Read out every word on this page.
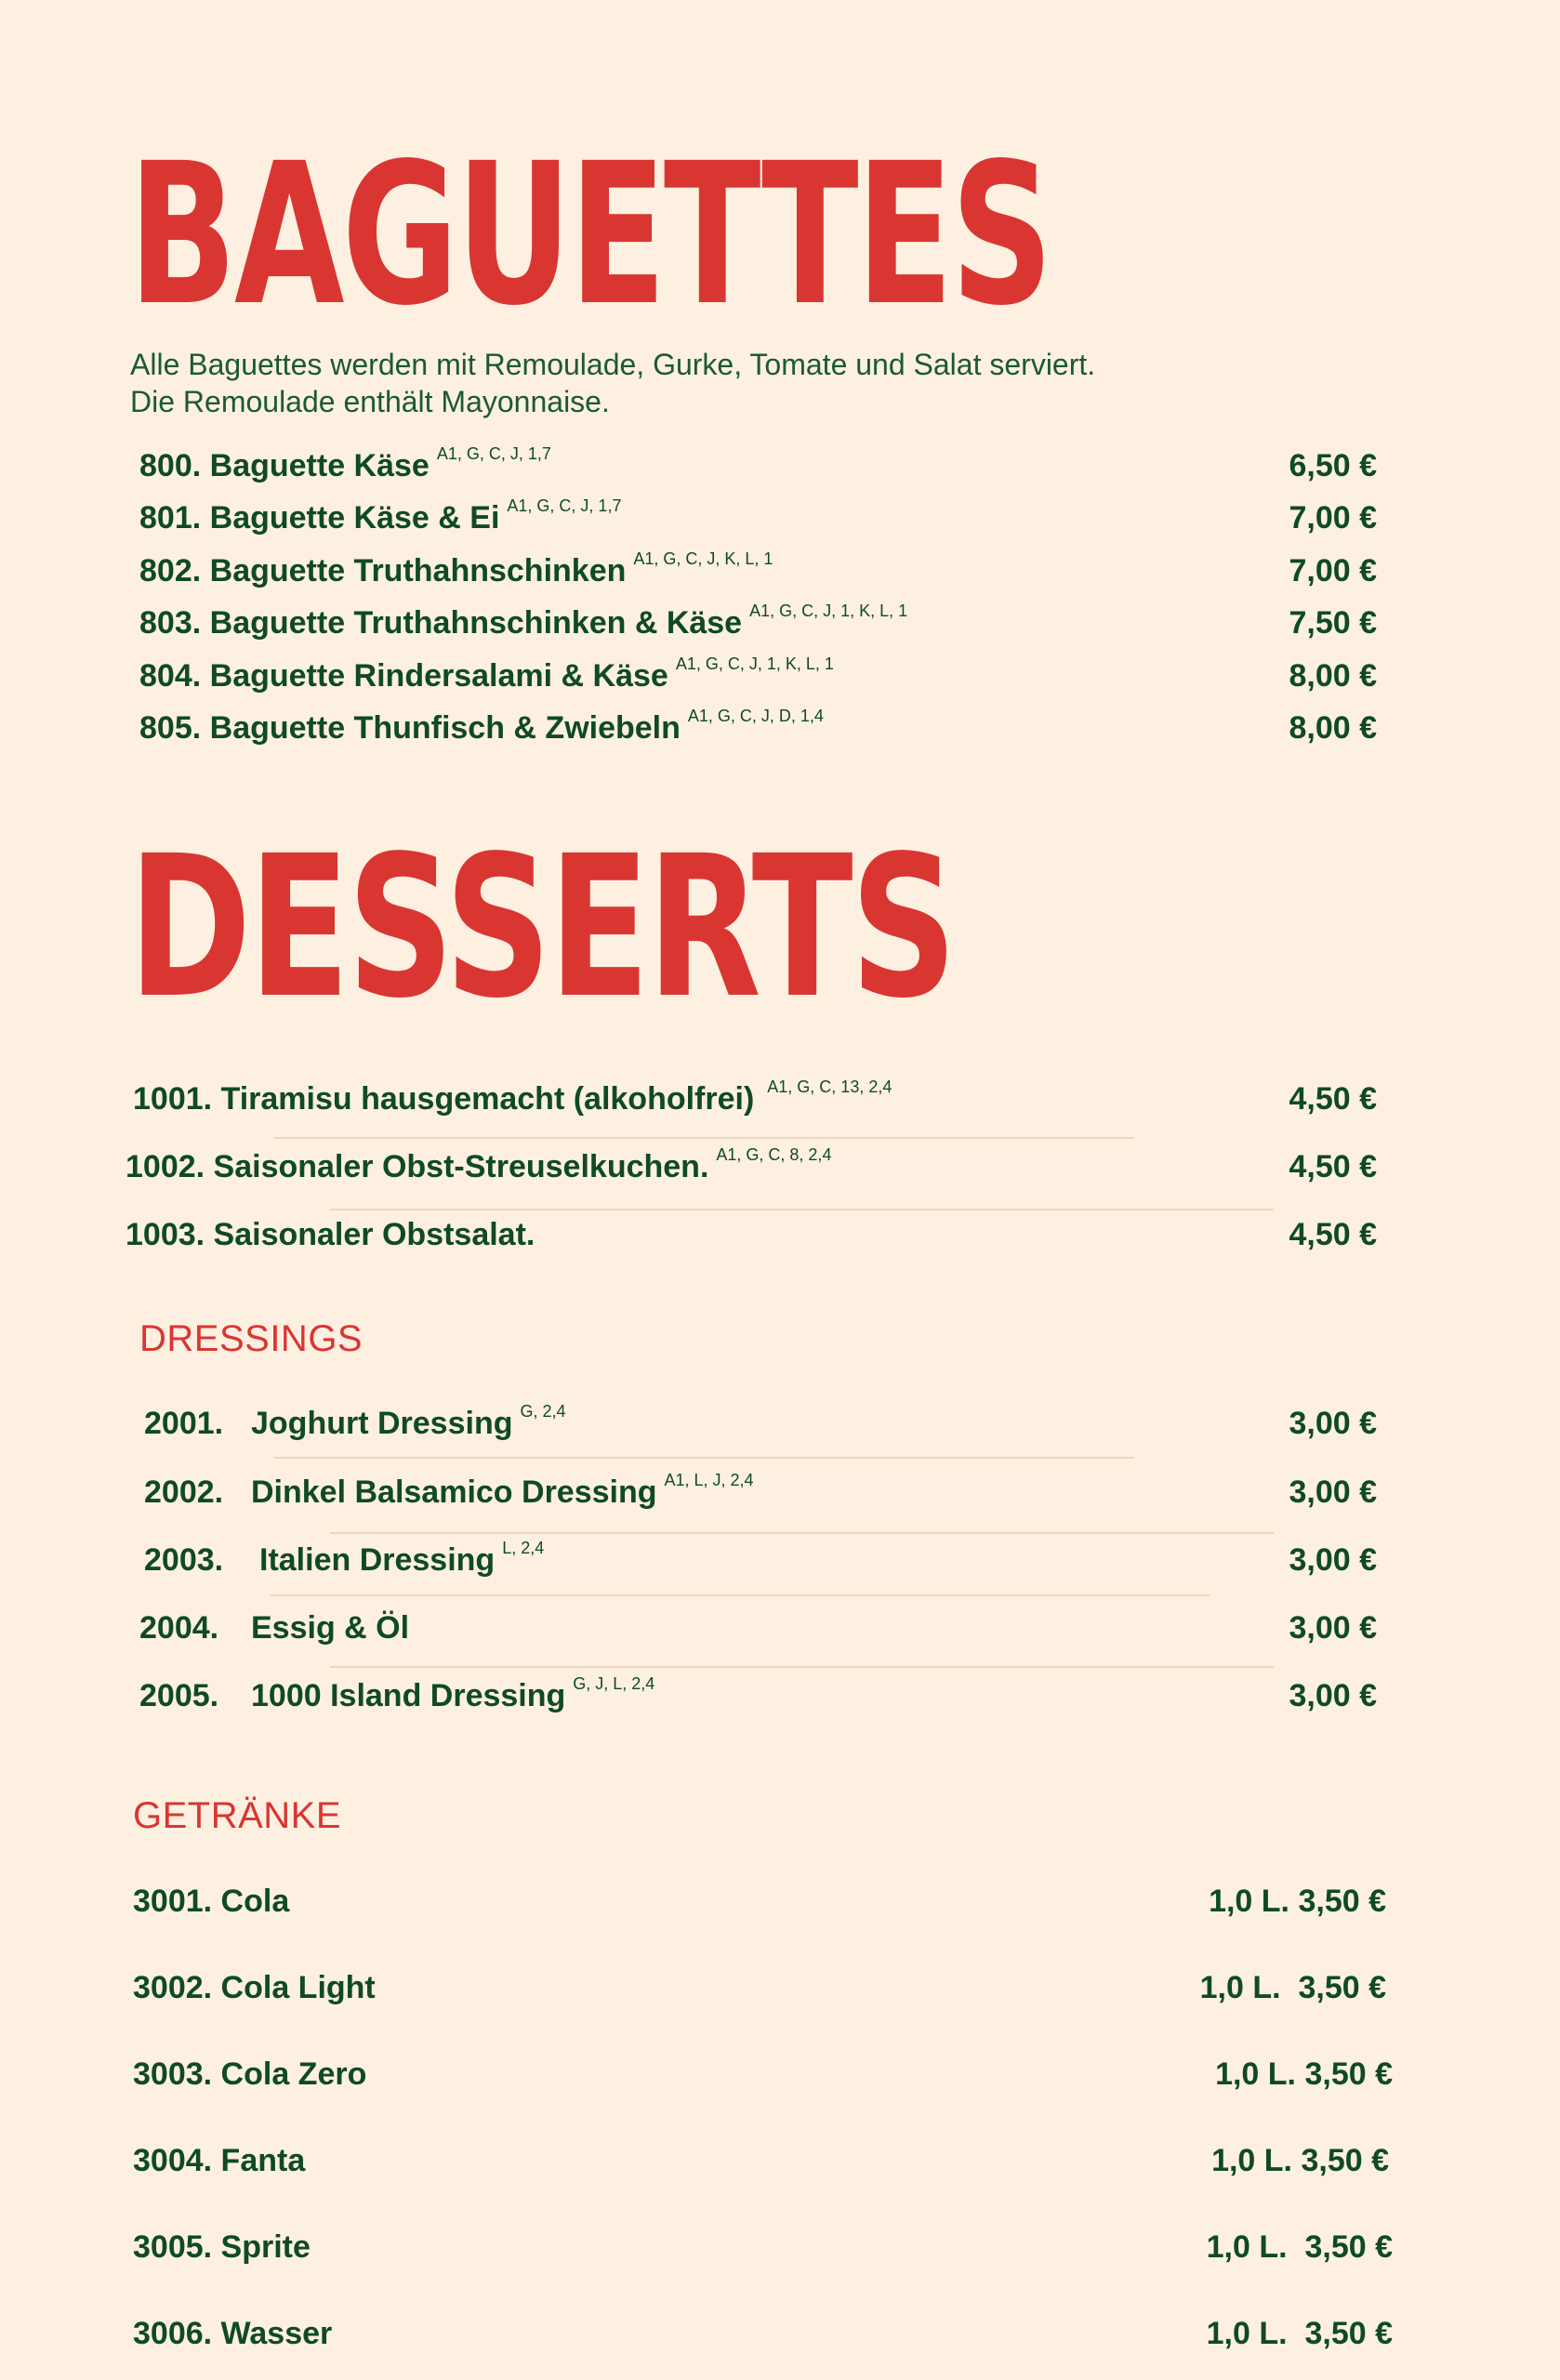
BAGUETTES

Alle Baguettes werden mit Remoulade, Gurke, Tomate und Salat serviert. Die Remoulade enthält Mayonnaise.

800. Baguette Käse $^{A1, G, C, J, 1,7}$	6,50 €
801. Baguette Käse & Ei $^{A1, G, C, J, 1,7}$	7,00 €
802. Baguette Truthahnschinken $^{A1, G, C, J, K, L, 1}$	7,00 €
803. Baguette Truthahnschinken & Käse $^{A1, G, C, J, 1, K, L, 1}$	7,50 €
804. Baguette Rindersalami & Käse $^{A1, G, C, J, 1, K, L, 1}$	8,00 €
805. Baguette Thunfisch & Zwiebeln $^{A1, G, C, J, D, 1,4}$	8,00 €
DESSERTS
1001. Tiramisu hausgemacht (alkoholfrei) $^{A1, G, C, 13, 2,4}$	4,50 €
1002. Saisonaler Obst-Streuselkuchen. $^{A1, G, C, 8, 2,4}$	4,50 €
1003. Saisonaler Obstsalat.	4,50 €
DRESSINGS
2001. Joghurt Dressing $^{G, 2,4}$	3,00 €
2002. Dinkel Balsamico Dressing $^{A1, L, J, 2,4}$	3,00 €
2003. Italien Dressing $^{L, 2,4}$	3,00 €
2004. Essig & Öl	3,00 €
2005. 1000 Island Dressing $^{G, J, L, 2,4}$	3,00 €
GETRÄNKE
3001. Cola	1,0 L. 3,50 €
3002. Cola Light	1,0 L. 3,50 €
3003. Cola Zero	1,0 L. 3,50 €
3004. Fanta	1,0 L. 3,50 €
3005. Sprite	1,0 L. 3,50 €
3006. Wasser	1,0 L. 3,50 €
